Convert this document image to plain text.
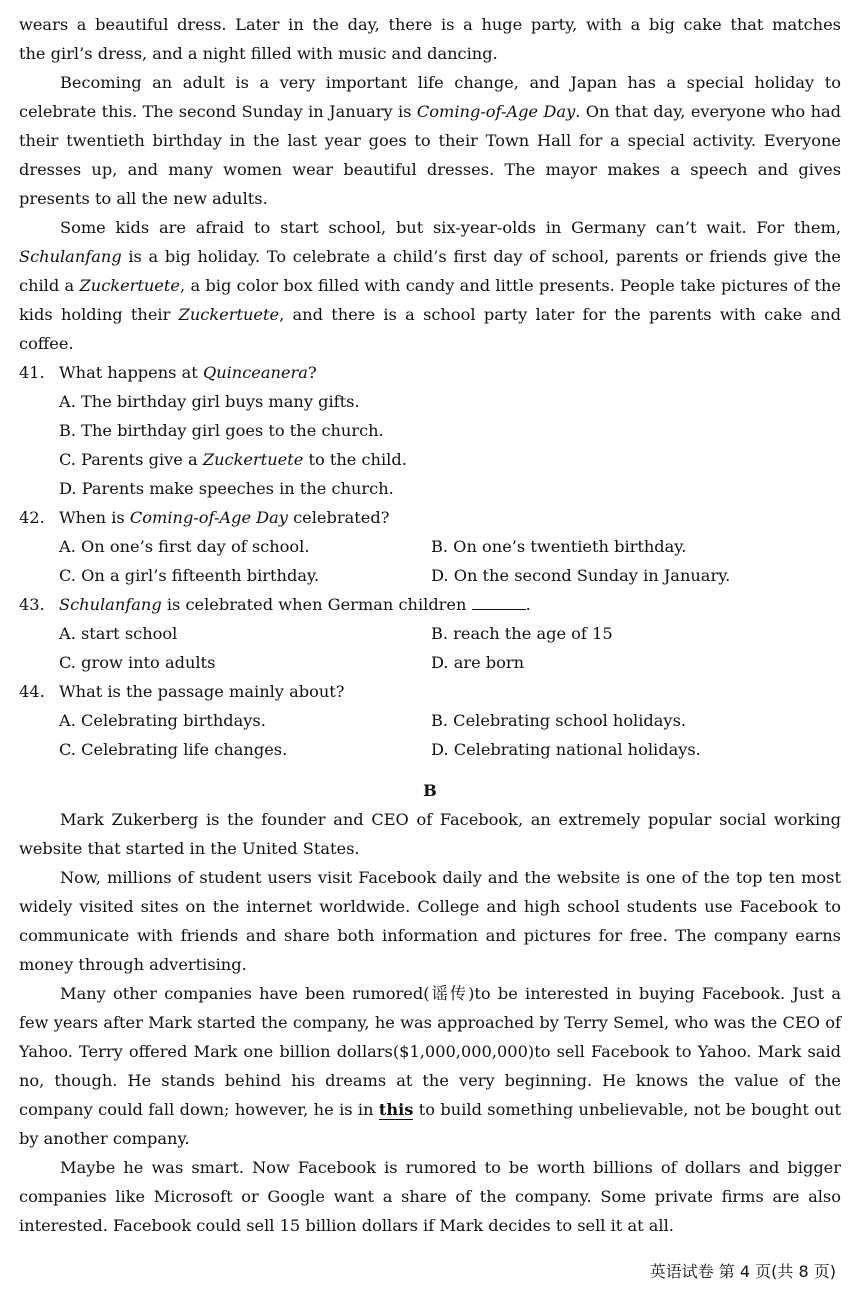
wears a beautiful dress. Later in the day, there is a huge party, with a big cake that matches

the girl’s dress, and a night filled with music and dancing.

Becoming an adult is a very important life change, and Japan has a special holiday to celebrate this. The second Sunday in January is Coming-of-Age Day. On that day, everyone who had their twentieth birthday in the last year goes to their Town Hall for a special activity. Everyone dresses up, and many women wear beautiful dresses. The mayor makes a speech and gives presents to all the new adults.

Some kids are afraid to start school, but six-year-olds in Germany can’t wait. For them, Schulanfang is a big holiday. To celebrate a child’s first day of school, parents or friends give the child a Zuckertuete, a big color box filled with candy and little presents. People take pictures of the kids holding their Zuckertuete, and there is a school party later for the parents with cake and coffee.

41. What happens at Quinceanera?
A. The birthday girl buys many gifts.
B. The birthday girl goes to the church.
C. Parents give a Zuckertuete to the child.
D. Parents make speeches in the church.
42. When is Coming-of-Age Day celebrated?
A. On one’s first day of school.	B. On one’s twentieth birthday.
C. On a girl’s fifteenth birthday.	D. On the second Sunday in January.
43. Schulanfang is celebrated when German children	.
A. start school	B. reach the age of 15
C. grow into adults	D. are born
44. What is the passage mainly about?
A. Celebrating birthdays.	B. Celebrating school holidays.
C. Celebrating life changes.	D. Celebrating national holidays.
B

Mark Zukerberg is the founder and CEO of Facebook, an extremely popular social working website that started in the United States.

Now, millions of student users visit Facebook daily and the website is one of the top ten most widely visited sites on the internet worldwide. College and high school students use Facebook to communicate with friends and share both information and pictures for free. The company earns money through advertising.

Many other companies have been rumored(谣传)to be interested in buying Facebook. Just a few years after Mark started the company, he was approached by Terry Semel, who was the CEO of Yahoo. Terry offered Mark one billion dollars($1,000,000,000)to sell Facebook to Yahoo. Mark said no, though. He stands behind his dreams at the very beginning. He knows the value of the company could fall down; however, he is in this to build something unbelievable, not be bought out by another company.

Maybe he was smart. Now Facebook is rumored to be worth billions of dollars and bigger companies like Microsoft or Google want a share of the company. Some private firms are also interested. Facebook could sell 15 billion dollars if Mark decides to sell it at all.

英语试卷 第 4 页(共 8 页)
